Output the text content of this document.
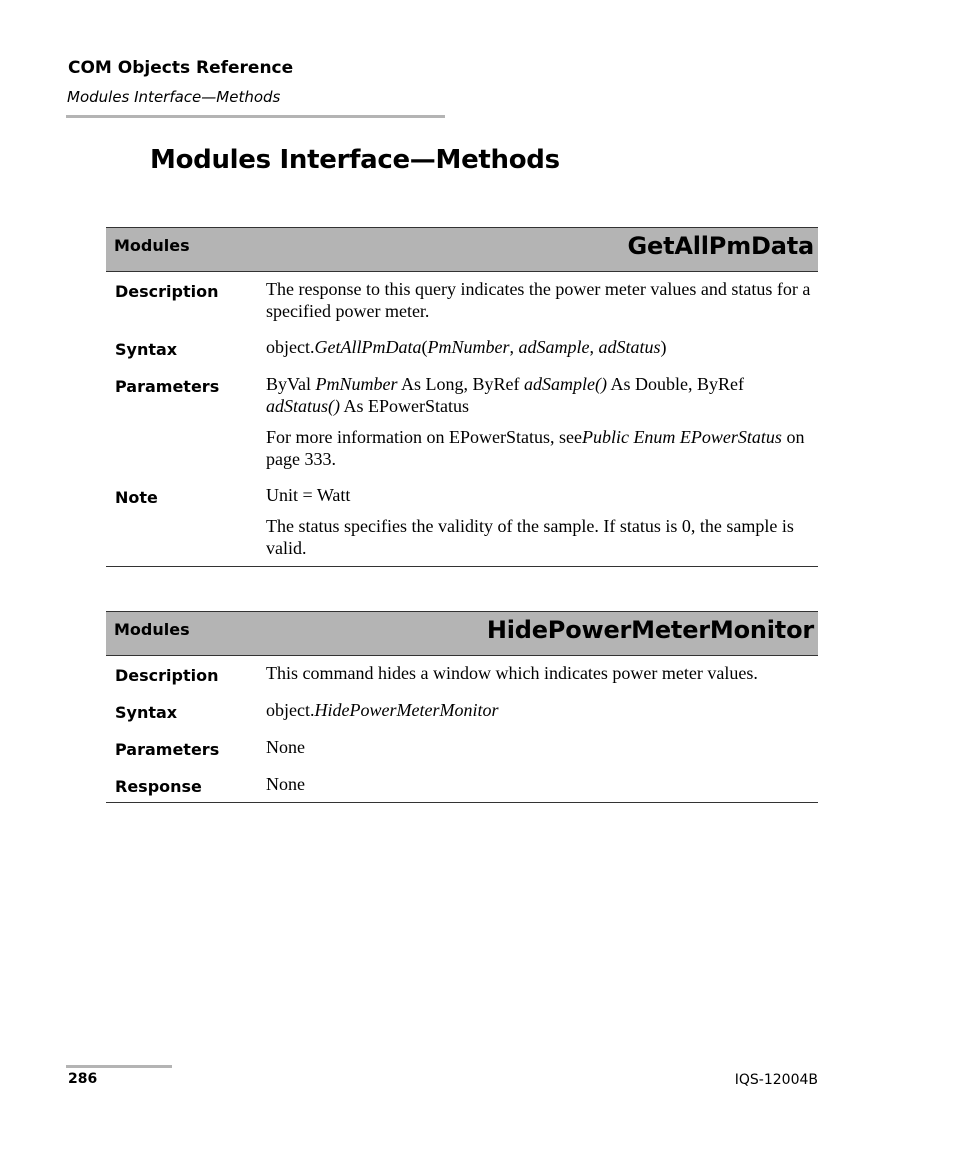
COM Objects Reference
Modules Interface—Methods
Modules Interface—Methods
Modules	GetAllPmData
Description	The response to this query indicates the power meter values and status for a specified power meter.

Syntax	object.GetAllPmData(PmNumber, adSample, adStatus)

Parameters	ByVal PmNumber As Long, ByRef adSample() As Double, ByRef adStatus() As EPowerStatus

For more information on EPowerStatus, seePublic Enum EPowerStatus on page 333.

Note	Unit = Watt

The status specifies the validity of the sample. If status is 0, the sample is valid.

Modules	HidePowerMeterMonitor
Description	This command hides a window which indicates power meter values.

Syntax	object.HidePowerMeterMonitor

Parameters	None

Response	None

286	IQS-12004B
